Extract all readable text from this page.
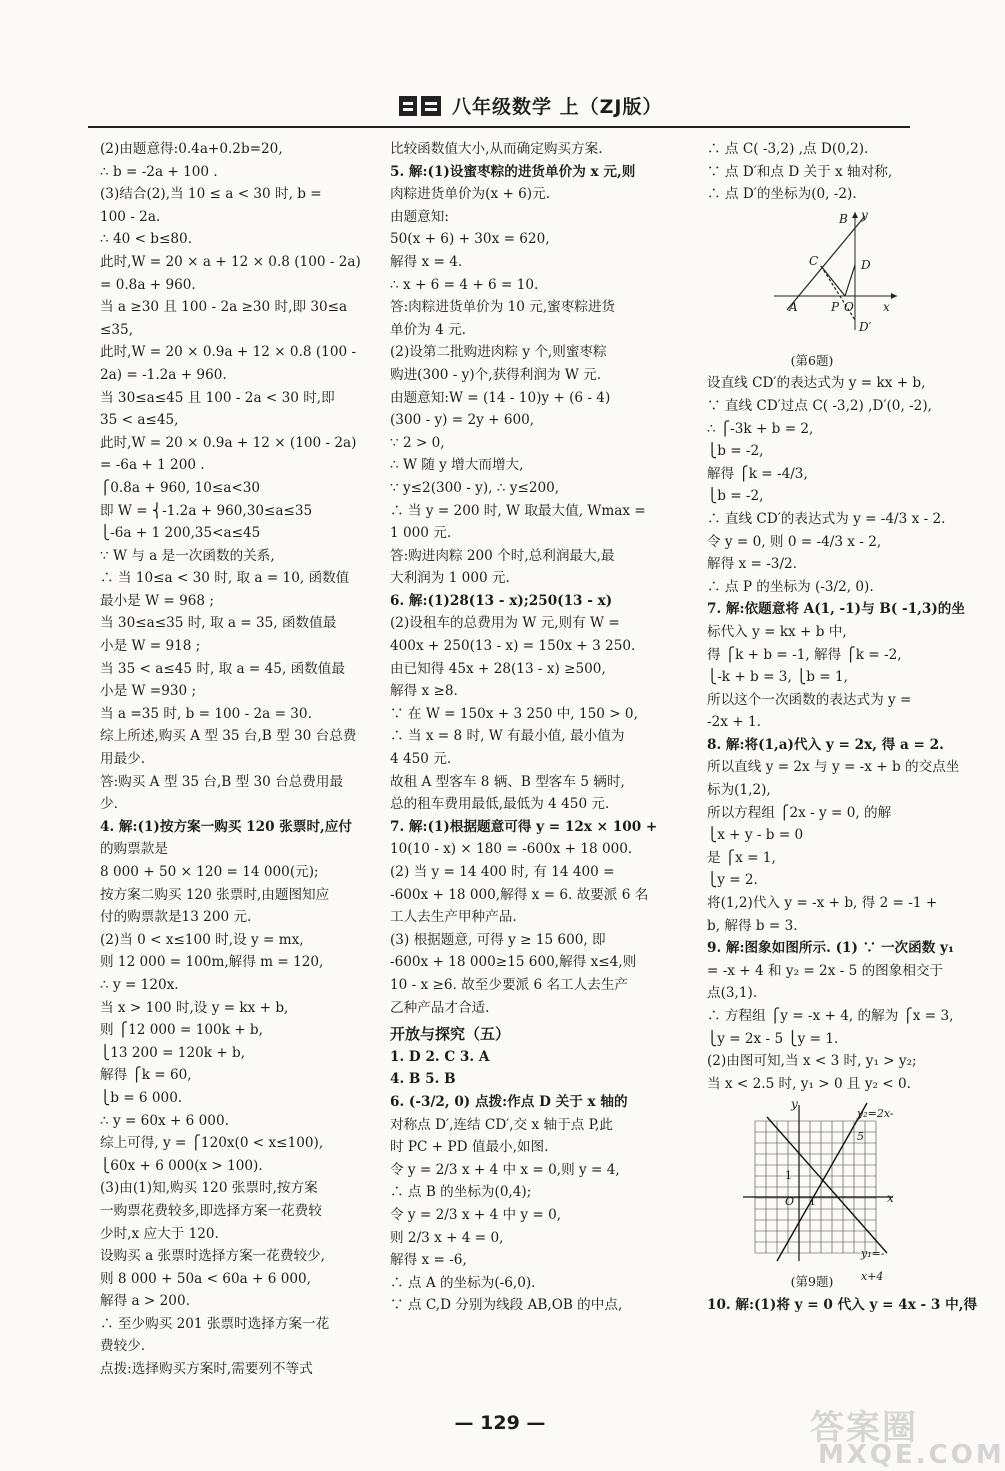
八年级数学 上（ZJ版）
(2)由题意得:0.4a+0.2b=20,
∴ b = -2a + 100 .
(3)结合(2),当 10 ≤ a < 30 时, b =
100 - 2a.
∴ 40 < b≤80.
此时,W = 20 × a + 12 × 0.8 (100 - 2a)
= 0.8a + 960.
当 a ≥30 且 100 - 2a ≥30 时,即 30≤a
≤35,
此时,W = 20 × 0.9a + 12 × 0.8 (100 -
2a) = -1.2a + 960.
当 30≤a≤45 且 100 - 2a < 30 时,即
35 < a≤45,
此时,W = 20 × 0.9a + 12 × (100 - 2a)
= -6a + 1 200 .
⎧0.8a + 960, 10≤a<30
即 W = ⎨-1.2a + 960,30≤a≤35
⎩-6a + 1 200,35<a≤45
∵ W 与 a 是一次函数的关系,
∴ 当 10≤a < 30 时, 取 a = 10, 函数值
最小是 W = 968 ;
当 30≤a≤35 时, 取 a = 35, 函数值最
小是 W = 918 ;
当 35 < a≤45 时, 取 a = 45, 函数值最
小是 W =930 ;
当 a =35 时, b = 100 - 2a = 30.
综上所述,购买 A 型 35 台,B 型 30 台总费
用最少.
答:购买 A 型 35 台,B 型 30 台总费用最
少.
4. 解:(1)按方案一购买 120 张票时,应付
的购票款是
8 000 + 50 × 120 = 14 000(元);
按方案二购买 120 张票时,由题图知应
付的购票款是13 200 元.
(2)当 0 < x≤100 时,设 y = mx,
则 12 000 = 100m,解得 m = 120,
∴ y = 120x.
当 x > 100 时,设 y = kx + b,
则 ⎧12 000 = 100k + b,
⎩13 200 = 120k + b,
解得 ⎧k = 60,
⎩b = 6 000.
∴ y = 60x + 6 000.
综上可得, y = ⎧120x(0 < x≤100),
⎩60x + 6 000(x > 100).
(3)由(1)知,购买 120 张票时,按方案
一购票花费较多,即选择方案一花费较
少时,x 应大于 120.
设购买 a 张票时选择方案一花费较少,
则 8 000 + 50a < 60a + 6 000,
解得 a > 200.
∴ 至少购买 201 张票时选择方案一花
费较少.
点拨:选择购买方案时,需要列不等式
比较函数值大小,从而确定购买方案.
5. 解:(1)设蜜枣粽的进货单价为 x 元,则
肉粽进货单价为(x + 6)元.
由题意知:
50(x + 6) + 30x = 620,
解得 x = 4.
∴ x + 6 = 4 + 6 = 10.
答:肉粽进货单价为 10 元,蜜枣粽进货
单价为 4 元.
(2)设第二批购进肉粽 y 个,则蜜枣粽
购进(300 - y)个,获得利润为 W 元.
由题意知:W = (14 - 10)y + (6 - 4)
(300 - y) = 2y + 600,
∵ 2 > 0,
∴ W 随 y 增大而增大,
∵ y≤2(300 - y), ∴ y≤200,
∴ 当 y = 200 时, W 取最大值, Wmax =
1 000 元.
答:购进肉粽 200 个时,总利润最大,最
大利润为 1 000 元.
6. 解:(1)28(13 - x);250(13 - x)
(2)设租车的总费用为 W 元,则有 W =
400x + 250(13 - x) = 150x + 3 250.
由已知得 45x + 28(13 - x) ≥500,
解得 x ≥8.
∵ 在 W = 150x + 3 250 中, 150 > 0,
∴ 当 x = 8 时, W 有最小值, 最小值为
4 450 元.
故租 A 型客车 8 辆、B 型客车 5 辆时,
总的租车费用最低,最低为 4 450 元.
7. 解:(1)根据题意可得 y = 12x × 100 +
10(10 - x) × 180 = -600x + 18 000.
(2) 当 y = 14 400 时, 有 14 400 =
-600x + 18 000,解得 x = 6. 故要派 6 名
工人去生产甲种产品.
(3) 根据题意, 可得 y ≥ 15 600, 即
-600x + 18 000≥15 600,解得 x≤4,则
10 - x ≥6. 故至少要派 6 名工人去生产
乙种产品才合适.
开放与探究（五）
1. D 2. C 3. A
4. B 5. B
6. (-3/2, 0) 点拨:作点 D 关于 x 轴的
对称点 D′,连结 CD′,交 x 轴于点 P,此
时 PC + PD 值最小,如图.
令 y = 2/3 x + 4 中 x = 0,则 y = 4,
∴ 点 B 的坐标为(0,4);
令 y = 2/3 x + 4 中 y = 0,
则 2/3 x + 4 = 0,
解得 x = -6,
∴ 点 A 的坐标为(-6,0).
∵ 点 C,D 分别为线段 AB,OB 的中点,
∴ 点 C( -3,2) ,点 D(0,2).
∵ 点 D′和点 D 关于 x 轴对称,
∴ 点 D′的坐标为(0, -2).
B y
C	D
A	P O x
D′
(第6题)
设直线 CD′的表达式为 y = kx + b,
∵ 直线 CD′过点 C( -3,2) ,D′(0, -2),
∴ ⎧-3k + b = 2,
⎩b = -2,
解得 ⎧k = -4/3,
⎩b = -2,
∴ 直线 CD′的表达式为 y = -4/3 x - 2.
令 y = 0, 则 0 = -4/3 x - 2,
解得 x = -3/2.
∴ 点 P 的坐标为 (-3/2, 0).
7. 解:依题意将 A(1, -1)与 B( -1,3)的坐
标代入 y = kx + b 中,
得 ⎧k + b = -1, 解得 ⎧k = -2,
⎩-k + b = 3, ⎩b = 1,
所以这个一次函数的表达式为 y =
-2x + 1.
8. 解:将(1,a)代入 y = 2x, 得 a = 2.
所以直线 y = 2x 与 y = -x + b 的交点坐
标为(1,2),
所以方程组 ⎧2x - y = 0, 的解
⎩x + y - b = 0
是 ⎧x = 1,
⎩y = 2.
将(1,2)代入 y = -x + b, 得 2 = -1 +
b, 解得 b = 3.
9. 解:图象如图所示. (1) ∵ 一次函数 y₁
= -x + 4 和 y₂ = 2x - 5 的图象相交于
点(3,1).
∴ 方程组 ⎧y = -x + 4, 的解为 ⎧x = 3,
⎩y = 2x - 5 ⎩y = 1.
(2)由图可知,当 x < 3 时, y₁ > y₂;
当 x < 2.5 时, y₁ > 0 且 y₂ < 0.
y
y₂=2x-5
1
O 1	x
y₁=-x+4
(第9题)
10. 解:(1)将 y = 0 代入 y = 4x - 3 中,得
— 129 —	答案圈
MXQE.COM
